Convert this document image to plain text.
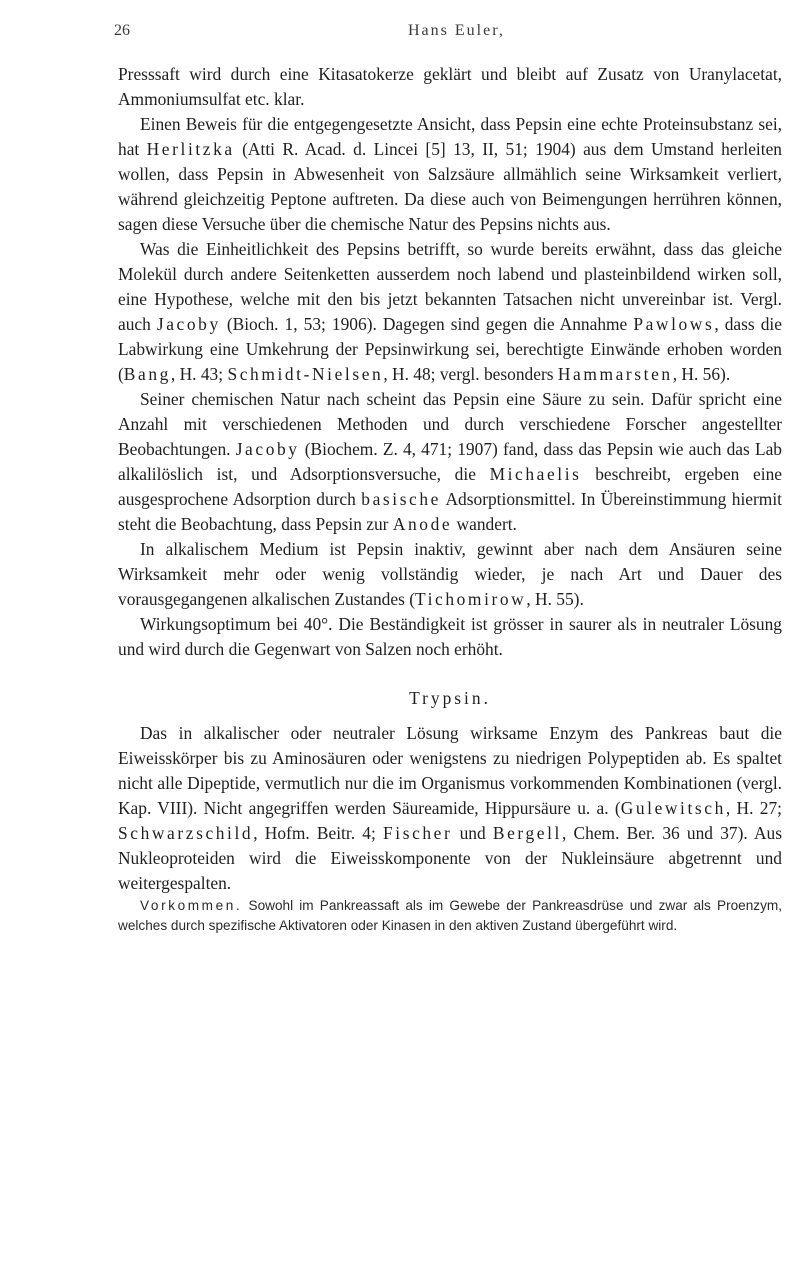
26	Hans Euler,

Presssaft wird durch eine Kitasatokerze geklärt und bleibt auf Zusatz von Uranylacetat, Ammoniumsulfat etc. klar.

Einen Beweis für die entgegengesetzte Ansicht, dass Pepsin eine echte Proteinsubstanz sei, hat Herlitzka (Atti R. Acad. d. Lincei [5] 13, II, 51; 1904) aus dem Umstand herleiten wollen, dass Pepsin in Abwesenheit von Salzsäure allmählich seine Wirksamkeit verliert, während gleichzeitig Peptone auftreten. Da diese auch von Beimengungen herrühren können, sagen diese Versuche über die chemische Natur des Pepsins nichts aus.

Was die Einheitlichkeit des Pepsins betrifft, so wurde bereits erwähnt, dass das gleiche Molekül durch andere Seitenketten ausserdem noch labend und plasteinbildend wirken soll, eine Hypothese, welche mit den bis jetzt bekannten Tatsachen nicht unvereinbar ist. Vergl. auch Jacoby (Bioch. 1, 53; 1906). Dagegen sind gegen die Annahme Pawlows, dass die Labwirkung eine Umkehrung der Pepsinwirkung sei, berechtigte Einwände erhoben worden (Bang, H. 43; Schmidt-Nielsen, H. 48; vergl. besonders Hammarsten, H. 56).

Seiner chemischen Natur nach scheint das Pepsin eine Säure zu sein. Dafür spricht eine Anzahl mit verschiedenen Methoden und durch verschiedene Forscher angestellter Beobachtungen. Jacoby (Biochem. Z. 4, 471; 1907) fand, dass das Pepsin wie auch das Lab alkalilöslich ist, und Adsorptionsversuche, die Michaelis beschreibt, ergeben eine ausgesprochene Adsorption durch basische Adsorptionsmittel. In Übereinstimmung hiermit steht die Beobachtung, dass Pepsin zur Anode wandert.

In alkalischem Medium ist Pepsin inaktiv, gewinnt aber nach dem Ansäuren seine Wirksamkeit mehr oder wenig vollständig wieder, je nach Art und Dauer des vorausgegangenen alkalischen Zustandes (Tichomirow, H. 55).

Wirkungsoptimum bei 40°. Die Beständigkeit ist grösser in saurer als in neutraler Lösung und wird durch die Gegenwart von Salzen noch erhöht.

Trypsin.

Das in alkalischer oder neutraler Lösung wirksame Enzym des Pankreas baut die Eiweisskörper bis zu Aminosäuren oder wenigstens zu niedrigen Polypeptiden ab. Es spaltet nicht alle Dipeptide, vermutlich nur die im Organismus vorkommenden Kombinationen (vergl. Kap. VIII). Nicht angegriffen werden Säureamide, Hippursäure u. a. (Gulewitsch, H. 27; Schwarzschild, Hofm. Beitr. 4; Fischer und Bergell, Chem. Ber. 36 und 37). Aus Nukleoproteiden wird die Eiweisskomponente von der Nukleinsäure abgetrennt und weitergespalten.

Vorkommen. Sowohl im Pankreassaft als im Gewebe der Pankreasdrüse und zwar als Proenzym, welches durch spezifische Aktivatoren oder Kinasen in den aktiven Zustand übergeführt wird.
